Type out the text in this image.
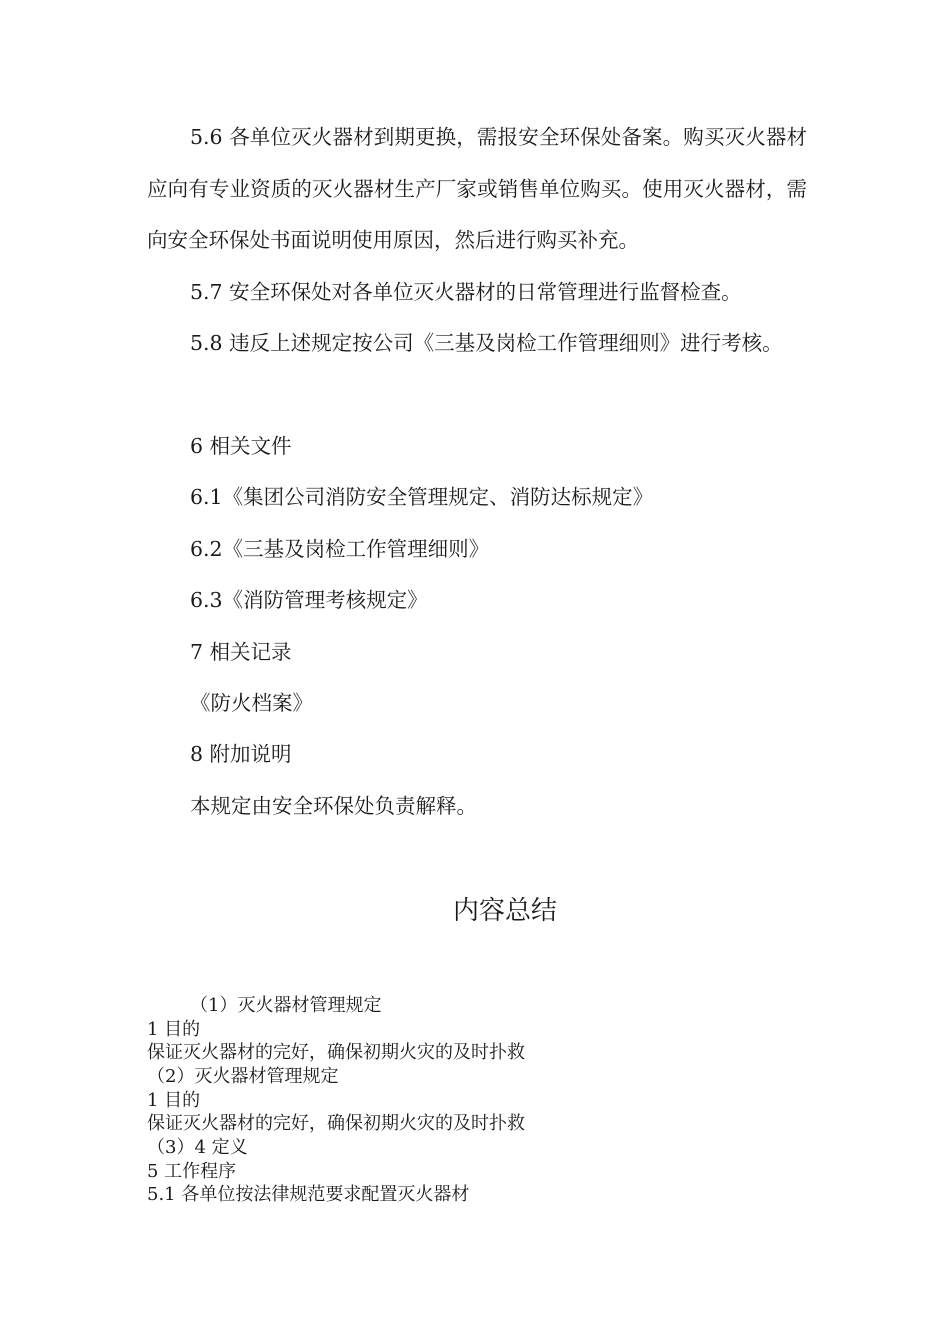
5.6 各单位灭火器材到期更换，需报安全环保处备案。购买灭火器材应向有专业资质的灭火器材生产厂家或销售单位购买。使用灭火器材，需向安全环保处书面说明使用原因，然后进行购买补充。

5.7 安全环保处对各单位灭火器材的日常管理进行监督检查。

5.8 违反上述规定按公司《三基及岗检工作管理细则》进行考核。

6 相关文件

6.1《集团公司消防安全管理规定、消防达标规定》

6.2《三基及岗检工作管理细则》

6.3《消防管理考核规定》

7 相关记录

《防火档案》

8 附加说明

本规定由安全环保处负责解释。

内容总结

（1）灭火器材管理规定

1 目的

保证灭火器材的完好，确保初期火灾的及时扑救

（2）灭火器材管理规定

1 目的

保证灭火器材的完好，确保初期火灾的及时扑救

（3）4 定义

5 工作程序

5.1 各单位按法律规范要求配置灭火器材
